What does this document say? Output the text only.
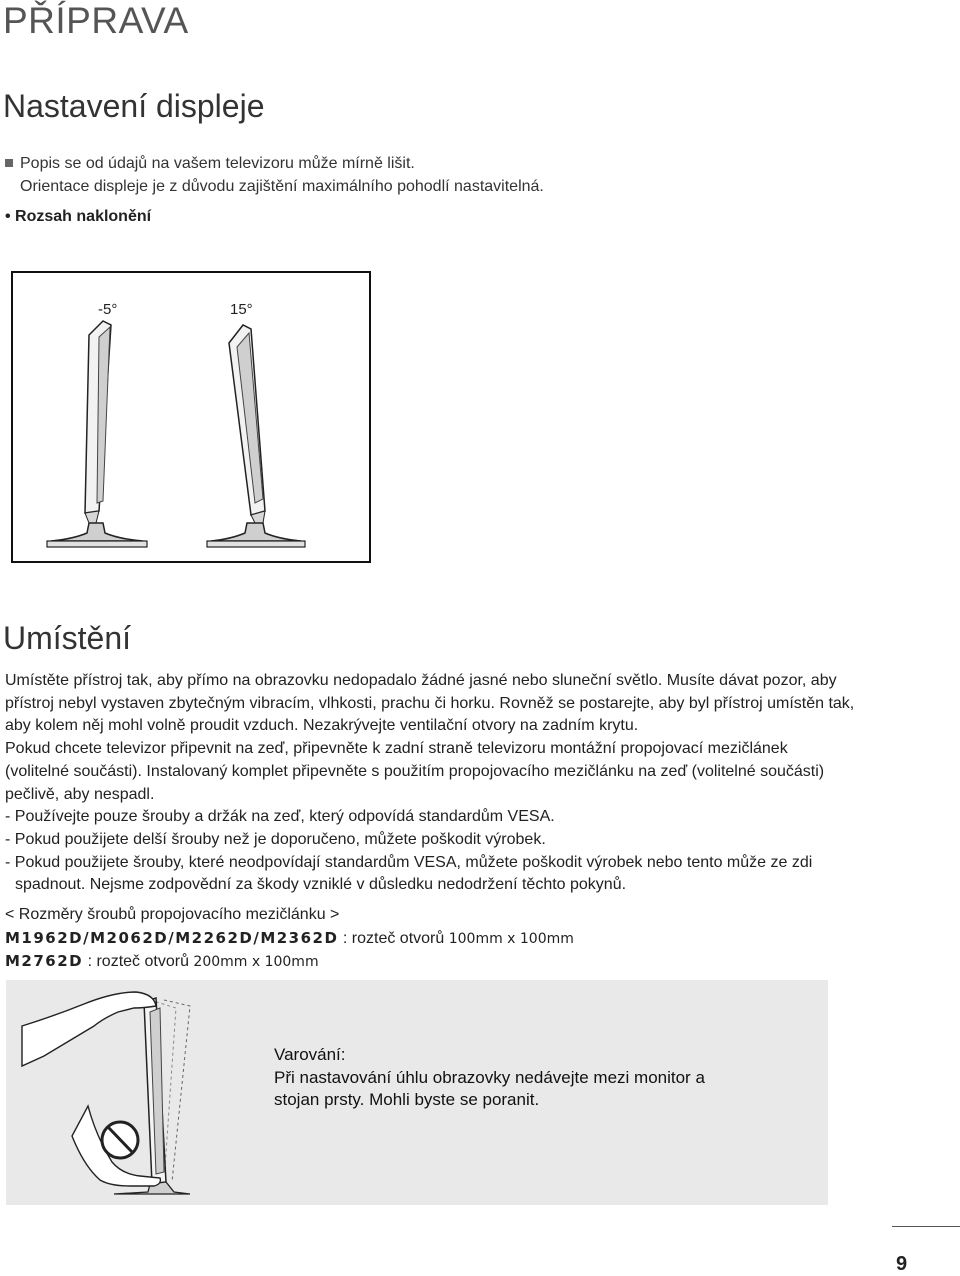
PŘÍPRAVA
Nastavení displeje
Popis se od údajů na vašem televizoru může mírně lišit.
Orientace displeje je z důvodu zajištění maximálního pohodlí nastavitelná.
• Rozsah naklonění
-5°	15°
Umístění

Umístěte přístroj tak, aby přímo na obrazovku nedopadalo žádné jasné nebo sluneční světlo. Musíte dávat pozor, aby přístroj nebyl vystaven zbytečným vibracím, vlhkosti, prachu či horku. Rovněž se postarejte, aby byl přístroj umístěn tak, aby kolem něj mohl volně proudit vzduch. Nezakrývejte ventilační otvory na zadním krytu.

Pokud chcete televizor připevnit na zeď, připevněte k zadní straně televizoru montážní propojovací mezičlánek (volitelné součásti). Instalovaný komplet připevněte s použitím propojovacího mezičlánku na zeď (volitelné součásti) pečlivě, aby nespadl.

- Používejte pouze šrouby a držák na zeď, který odpovídá standardům VESA.

- Pokud použijete delší šrouby než je doporučeno, můžete poškodit výrobek.

- Pokud použijete šrouby, které neodpovídají standardům VESA, můžete poškodit výrobek nebo tento může ze zdi spadnout. Nejsme zodpovědní za škody vzniklé v důsledku nedodržení těchto pokynů.

< Rozměry šroubů propojovacího mezičlánku >
M1962D/M2062D/M2262D/M2362D : rozteč otvorů 100mm x 100mm
M2762D : rozteč otvorů 200mm x 100mm

Varování:

Při nastavování úhlu obrazovky nedávejte mezi monitor a stojan prsty. Mohli byste se poranit.

9
